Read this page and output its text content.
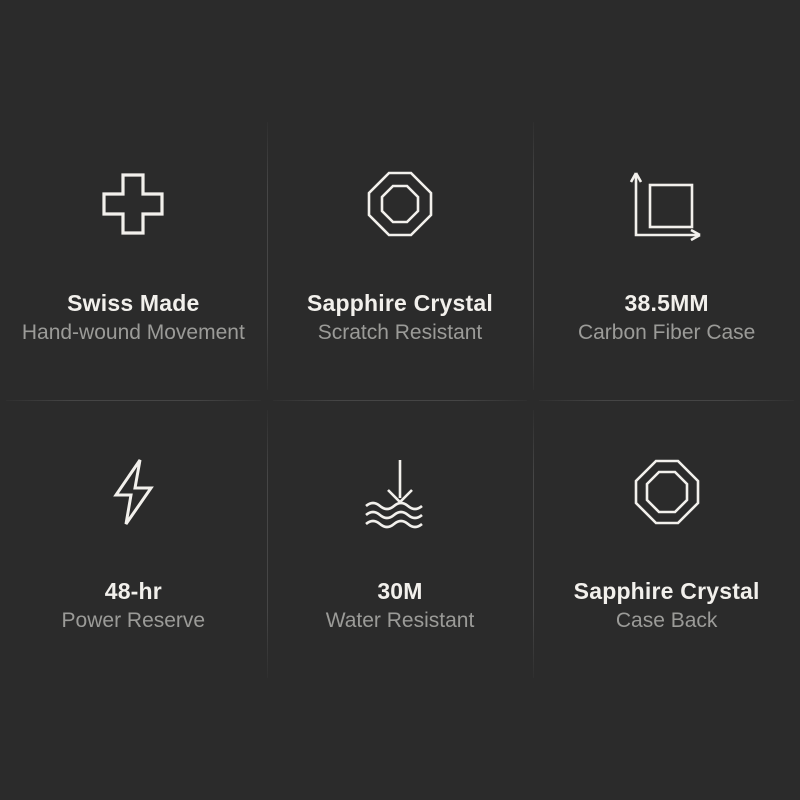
Swiss Made
Hand-wound Movement
Sapphire Crystal
Scratch Resistant
38.5MM
Carbon Fiber Case
48-hr
Power Reserve
30M
Water Resistant
Sapphire Crystal
Case Back
